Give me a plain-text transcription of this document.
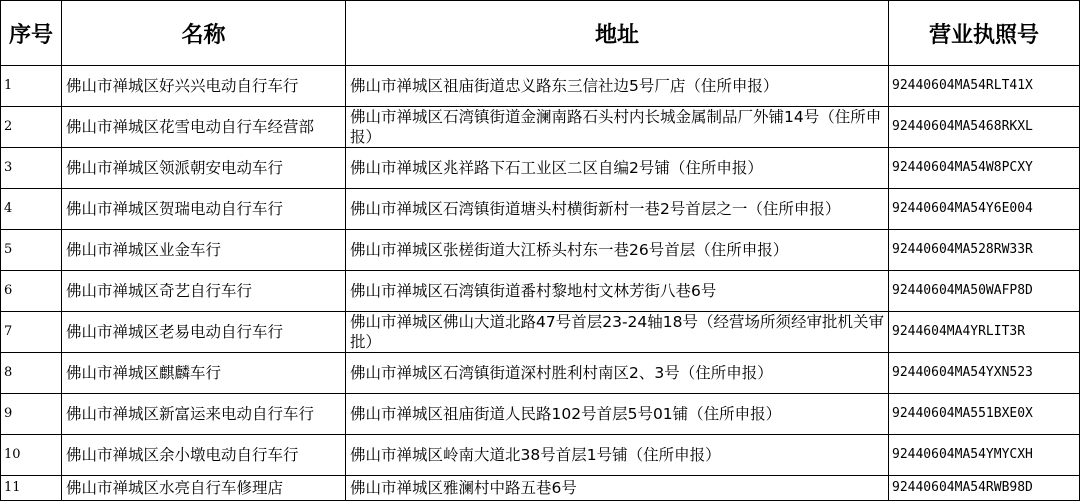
序号	名称	地址	营业执照号
1	佛山市禅城区好兴兴电动自行车行	佛山市禅城区祖庙街道忠义路东三信社边5号厂店（住所申报）	92440604MA54RLT41X
2	佛山市禅城区花雪电动自行车经营部	佛山市禅城区石湾镇街道金澜南路石头村内长城金属制品厂外铺14号（住所申报）	92440604MA5468RKXL
3	佛山市禅城区领派朝安电动车行	佛山市禅城区兆祥路下石工业区二区自编2号铺（住所申报）	92440604MA54W8PCXY
4	佛山市禅城区贺瑞电动自行车行	佛山市禅城区石湾镇街道塘头村横街新村一巷2号首层之一（住所申报）	92440604MA54Y6E004
5	佛山市禅城区业金车行	佛山市禅城区张槎街道大江桥头村东一巷26号首层（住所申报）	92440604MA528RW33R
6	佛山市禅城区奇艺自行车行	佛山市禅城区石湾镇街道番村黎地村文林芳街八巷6号	92440604MA50WAFP8D
7	佛山市禅城区老易电动自行车行	佛山市禅城区佛山大道北路47号首层23-24轴18号（经营场所须经审批机关审批）	9244604MA4YRLIT3R
8	佛山市禅城区麒麟车行	佛山市禅城区石湾镇街道深村胜利村南区2、3号（住所申报）	92440604MA54YXN523
9	佛山市禅城区新富运来电动自行车行	佛山市禅城区祖庙街道人民路102号首层5号01铺（住所申报）	92440604MA551BXE0X
10	佛山市禅城区余小墩电动自行车行	佛山市禅城区岭南大道北38号首层1号铺（住所申报）	92440604MA54YMYCXH
11	佛山市禅城区水亮自行车修理店	佛山市禅城区雅澜村中路五巷6号	92440604MA54RWB98D
